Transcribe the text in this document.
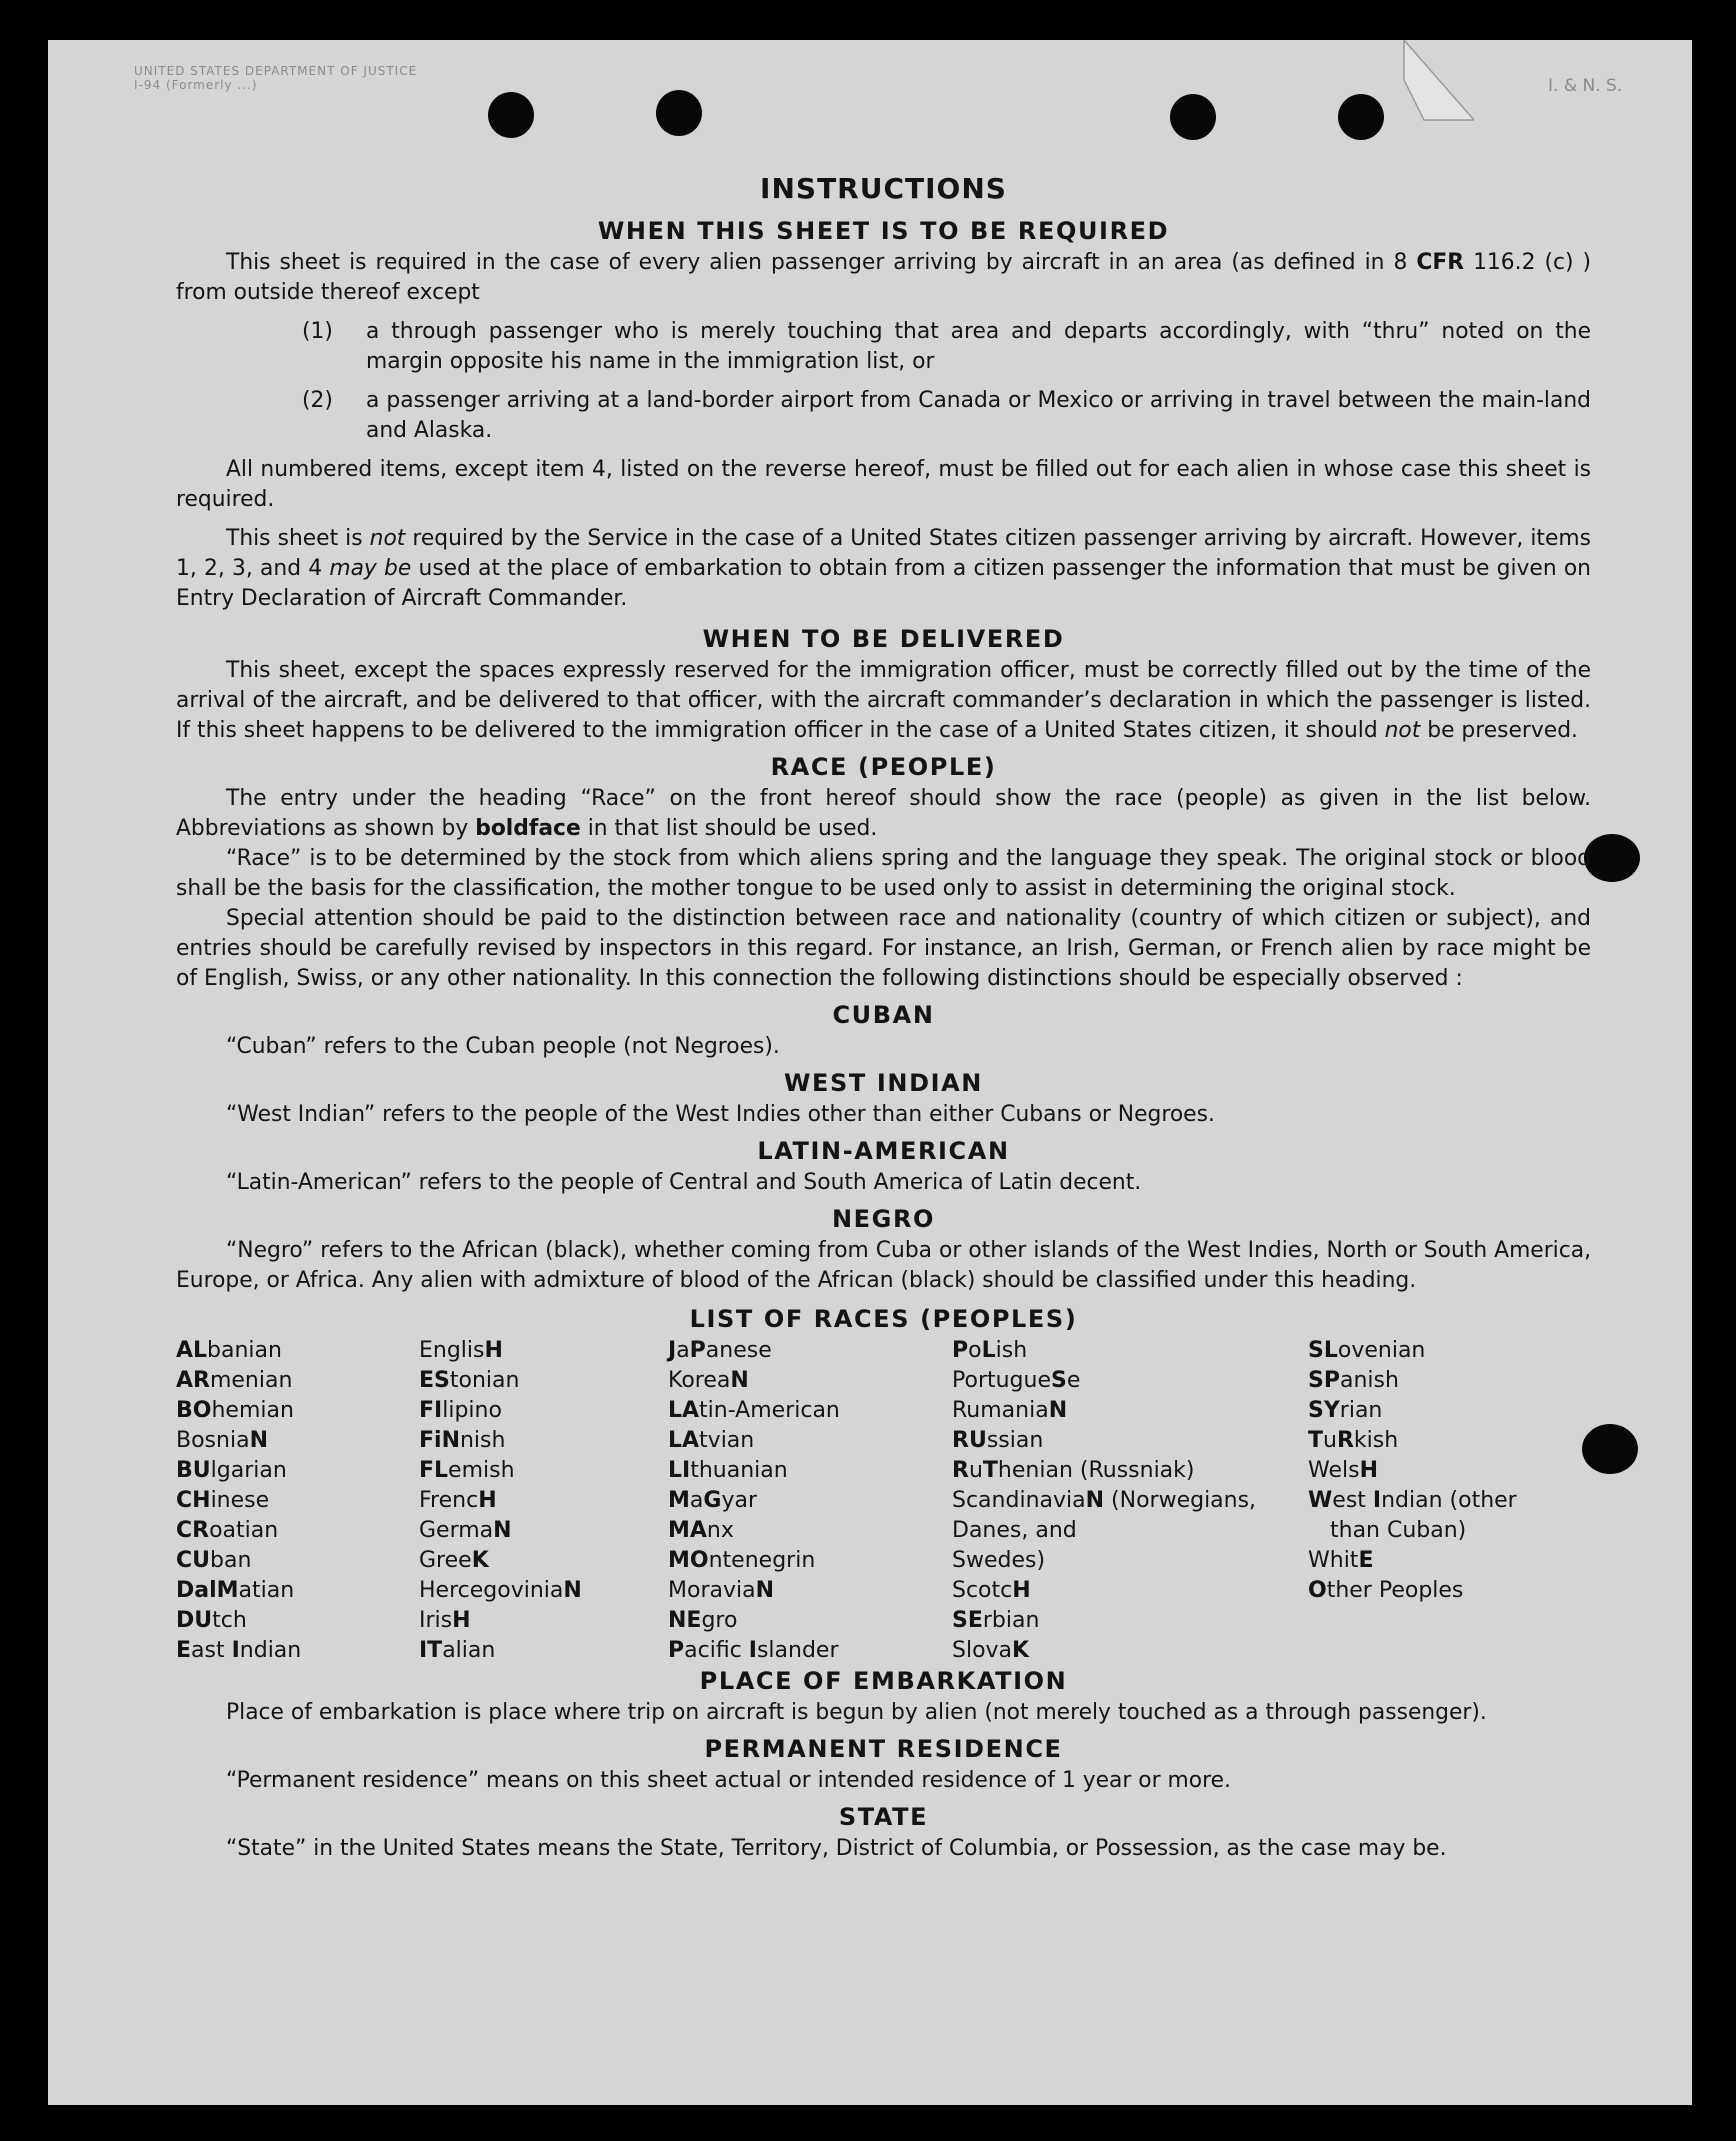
UNITED STATES DEPARTMENT OF JUSTICE
I-94 (Formerly ...)	I. & N. S.
INSTRUCTIONS
WHEN THIS SHEET IS TO BE REQUIRED

This sheet is required in the case of every alien passenger arriving by aircraft in an area (as defined in 8 CFR 116.2 (c) ) from outside thereof except

(1)	a through passenger who is merely touching that area and departs accordingly, with “thru” noted on the margin opposite his name in the immigration list, or
(2)	a passenger arriving at a land-border airport from Canada or Mexico or arriving in travel between the main-land and Alaska.

All numbered items, except item 4, listed on the reverse hereof, must be filled out for each alien in whose case this sheet is required.

This sheet is not required by the Service in the case of a United States citizen passenger arriving by aircraft. However, items 1, 2, 3, and 4 may be used at the place of embarkation to obtain from a citizen passenger the information that must be given on Entry Declaration of Aircraft Commander.

WHEN TO BE DELIVERED

This sheet, except the spaces expressly reserved for the immigration officer, must be correctly filled out by the time of the arrival of the aircraft, and be delivered to that officer, with the aircraft commander’s declaration in which the passenger is listed. If this sheet happens to be delivered to the immigration officer in the case of a United States citizen, it should not be preserved.

RACE (PEOPLE)

The entry under the heading “Race” on the front hereof should show the race (people) as given in the list below. Abbreviations as shown by boldface in that list should be used.

“Race” is to be determined by the stock from which aliens spring and the language they speak. The original stock or blood shall be the basis for the classification, the mother tongue to be used only to assist in determining the original stock.

Special attention should be paid to the distinction between race and nationality (country of which citizen or subject), and entries should be carefully revised by inspectors in this regard. For instance, an Irish, German, or French alien by race might be of English, Swiss, or any other nationality. In this connection the following distinctions should be especially observed :

CUBAN

“Cuban” refers to the Cuban people (not Negroes).

WEST INDIAN

“West Indian” refers to the people of the West Indies other than either Cubans or Negroes.

LATIN-AMERICAN

“Latin-American” refers to the people of Central and South America of Latin decent.

NEGRO

“Negro” refers to the African (black), whether coming from Cuba or other islands of the West Indies, North or South America, Europe, or Africa. Any alien with admixture of blood of the African (black) should be classified under this heading.

LIST OF RACES (PEOPLES)
ALbanian
ARmenian
BOhemian
BosniaN
BUlgarian
CHinese
CRoatian
CUban
DalMatian
DUtch
East Indian
EnglisH
EStonian
FIlipino
FiNnish
FLemish
FrencH
GermaN
GreeK
HercegoviniaN
IrisH
ITalian
JaPanese
KoreaN
LAtin-American
LAtvian
LIthuanian
MaGyar
MAnx
MOntenegrin
MoraviaN
NEgro
Pacific Islander
PoLish
PortugueSe
RumaniaN
RUssian
RuThenian (Russniak)
ScandinaviaN (Norwegians,
Danes, and
Swedes)
ScotcH
SErbian
SlovaK
SLovenian
SPanish
SYrian
TuRkish
WelsH
West Indian (other
than Cuban)
WhitE
Other Peoples
PLACE OF EMBARKATION

Place of embarkation is place where trip on aircraft is begun by alien (not merely touched as a through passenger).

PERMANENT RESIDENCE

“Permanent residence” means on this sheet actual or intended residence of 1 year or more.

STATE

“State” in the United States means the State, Territory, District of Columbia, or Possession, as the case may be.
